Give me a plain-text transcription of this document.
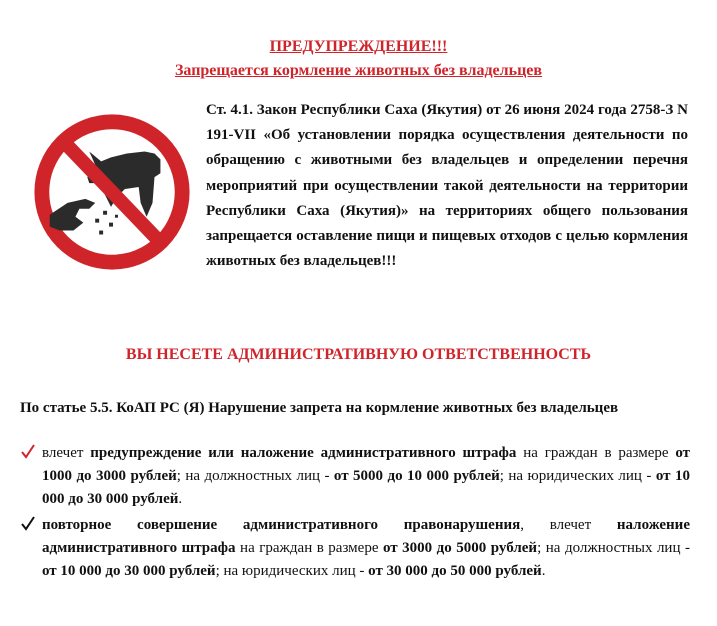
ПРЕДУПРЕЖДЕНИЕ!!!
Запрещается кормление животных без владельцев
Ст. 4.1. Закон Республики Саха (Якутия) от 26 июня 2024 года 2758-З N 191-VII «Об установлении порядка осуществления деятельности по обращению с животными без владельцев и определении перечня мероприятий при осуществлении такой деятельности на территории Республики Саха (Якутия)» на территориях общего пользования запрещается оставление пищи и пищевых отходов с целью кормления животных без владельцев!!!
ВЫ НЕСЕТЕ АДМИНИСТРАТИВНУЮ ОТВЕТСТВЕННОСТЬ
По статье 5.5. КоАП РС (Я) Нарушение запрета на кормление животных без владельцев
влечет предупреждение или наложение административного штрафа на граждан в размере от 1000 до 3000 рублей; на должностных лиц - от 5000 до 10 000 рублей; на юридических лиц - от 10 000 до 30 000 рублей.
повторное совершение административного правонарушения, влечет наложение административного штрафа на граждан в размере от 3000 до 5000 рублей; на должностных лиц - от 10 000 до 30 000 рублей; на юридических лиц - от 30 000 до 50 000 рублей.
